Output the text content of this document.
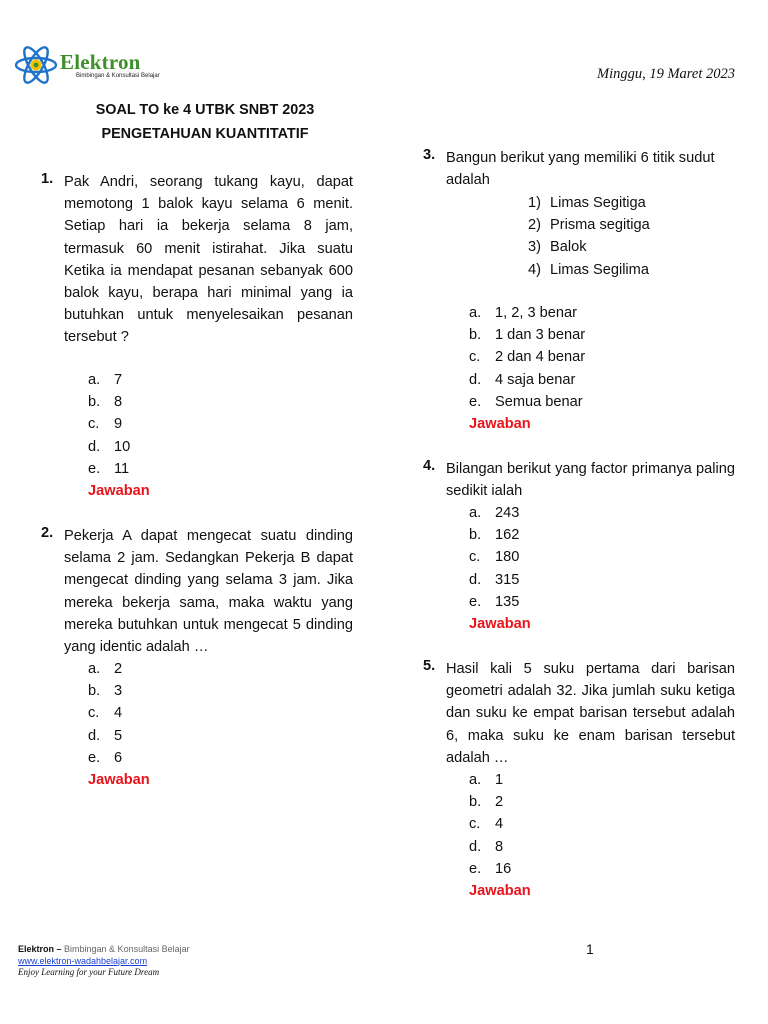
Elektron
Bimbingan & Konsultasi Belajar	Minggu, 19 Maret 2023
SOAL TO ke 4 UTBK SNBT 2023
PENGETAHUAN KUANTITATIF
1. Pak Andri, seorang tukang kayu, dapat memotong 1 balok kayu selama 6 menit. Setiap hari ia bekerja selama 8 jam, termasuk 60 menit istirahat. Jika suatu Ketika ia mendapat pesanan sebanyak 600 balok kayu, berapa hari minimal yang ia butuhkan untuk menyelesaikan pesanan tersebut ?
a. 7
b. 8
c. 9
d. 10
e. 11
Jawaban
2. Pekerja A dapat mengecat suatu dinding selama 2 jam. Sedangkan Pekerja B dapat mengecat dinding yang selama 3 jam. Jika mereka bekerja sama, maka waktu yang mereka butuhkan untuk mengecat 5 dinding yang identic adalah …
a. 2
b. 3
c. 4
d. 5
e. 6
Jawaban
3. Bangun berikut yang memiliki 6 titik sudut adalah
1) Limas Segitiga
2) Prisma segitiga
3) Balok
4) Limas Segilima
a. 1, 2, 3 benar
b. 1 dan 3 benar
c. 2 dan 4 benar
d. 4 saja benar
e. Semua benar
Jawaban
4. Bilangan berikut yang factor primanya paling sedikit ialah
a. 243
b. 162
c. 180
d. 315
e. 135
Jawaban
5. Hasil kali 5 suku pertama dari barisan geometri adalah 32. Jika jumlah suku ketiga dan suku ke empat barisan tersebut adalah 6, maka suku ke enam barisan tersebut adalah …
a. 1
b. 2
c. 4
d. 8
e. 16
Jawaban
Elektron – Bimbingan & Konsultasi Belajar
www.elektron-wadahbelajar.com
Enjoy Learning for your Future Dream
1
